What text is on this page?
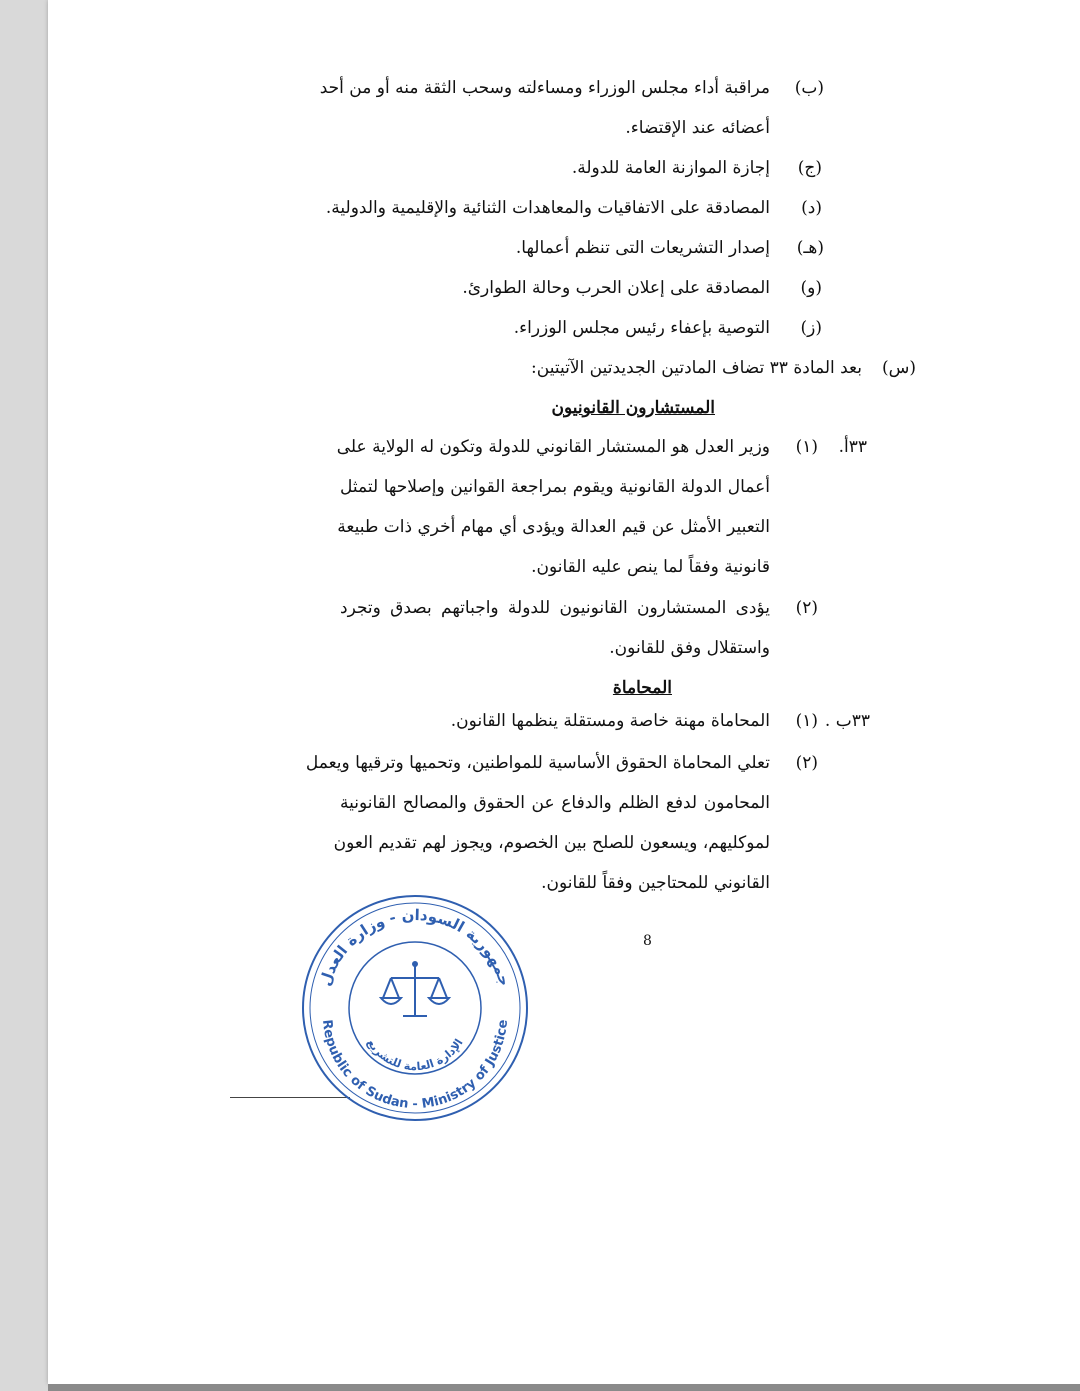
(ب)
مراقبة أداء مجلس الوزراء ومساءلته وسحب الثقة منه أو من أحد
أعضائه عند الإقتضاء.
(ج)
إجازة الموازنة العامة للدولة.
(د)
المصادقة على الاتفاقيات والمعاهدات الثنائية والإقليمية والدولية.
(هـ)
إصدار التشريعات التى تنظم أعمالها.
(و)
المصادقة على إعلان الحرب وحالة الطوارئ.
(ز)
التوصية بإعفاء رئيس مجلس الوزراء.
(س)
بعد المادة ٣٣ تضاف المادتين الجديدتين الآتيتين:
المستشارون القانونيون
٣٣أ.
(١)
وزير العدل هو المستشار القانوني للدولة وتكون له الولاية على
أعمال الدولة القانونية ويقوم بمراجعة القوانين وإصلاحها لتمثل
التعبير الأمثل عن قيم العدالة ويؤدى أي مهام أخري ذات طبيعة
قانونية وفقاً لما ينص عليه القانون.
(٢)
يؤدى المستشارون القانونيون للدولة واجباتهم بصدق وتجرد
واستقلال وفق للقانون.
المحاماة
٣٣ب .
(١)
المحاماة مهنة خاصة ومستقلة ينظمها القانون.
(٢)
تعلي المحاماة الحقوق الأساسية للمواطنين، وتحميها وترقيها ويعمل
المحامون لدفع الظلم والدفاع عن الحقوق والمصالح القانونية
لموكليهم، ويسعون للصلح بين الخصوم، ويجوز لهم تقديم العون
القانوني للمحتاجين وفقاً للقانون.
8
جمهورية السودان - وزارة العدل
Republic of Sudan - Ministry of Justice
الإدارة العامة للتشريع
